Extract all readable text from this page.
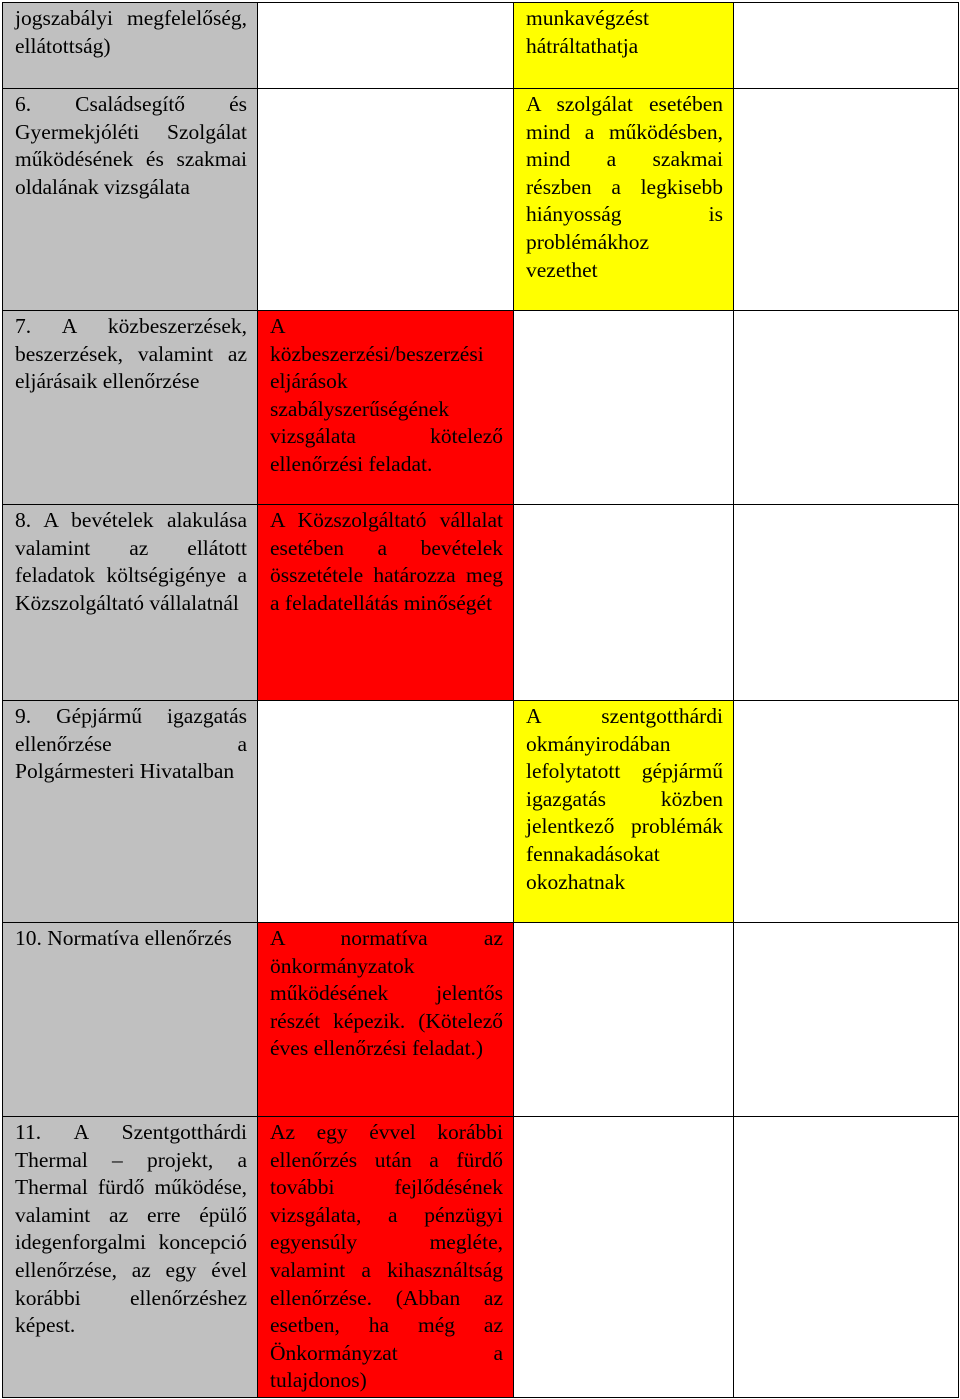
jogszabályi megfelelőség, ellátottság)		munkavégzést hátráltathatja	

6. Családsegítő és Gyermekjóléti Szolgálat működésének és szakmai oldalának vizsgálata		A szolgálat esetében mind a működésben, mind a szakmai részben a legkisebb hiányosság is problémákhoz vezethet	

7. A közbeszerzések, beszerzések, valamint az eljárásaik ellenőrzése	A közbeszerzési/beszerzési eljárások szabályszerűségének vizsgálata kötelező ellenőrzési feladat.		

8. A bevételek alakulása valamint az ellátott feladatok költségigénye a Közszolgáltató vállalatnál	A Közszolgáltató vállalat esetében a bevételek összetétele határozza meg a feladatellátás minőségét		

9. Gépjármű igazgatás ellenőrzése a Polgármesteri Hivatalban		A szentgotthárdi okmányirodában lefolytatott gépjármű igazgatás közben jelentkező problémák fennakadásokat okozhatnak	

10. Normatíva ellenőrzés	A normatíva az önkormányzatok működésének jelentős részét képezik. (Kötelező éves ellenőrzési feladat.)		

11. A Szentgotthárdi Thermal – projekt, a Thermal fürdő működése, valamint az erre épülő idegenforgalmi koncepció ellenőrzése, az egy ével korábbi ellenőrzéshez képest.	Az egy évvel korábbi ellenőrzés után a fürdő további fejlődésének vizsgálata, a pénzügyi egyensúly megléte, valamint a kihasználtság ellenőrzése. (Abban az esetben, ha még az Önkormányzat a tulajdonos)		
